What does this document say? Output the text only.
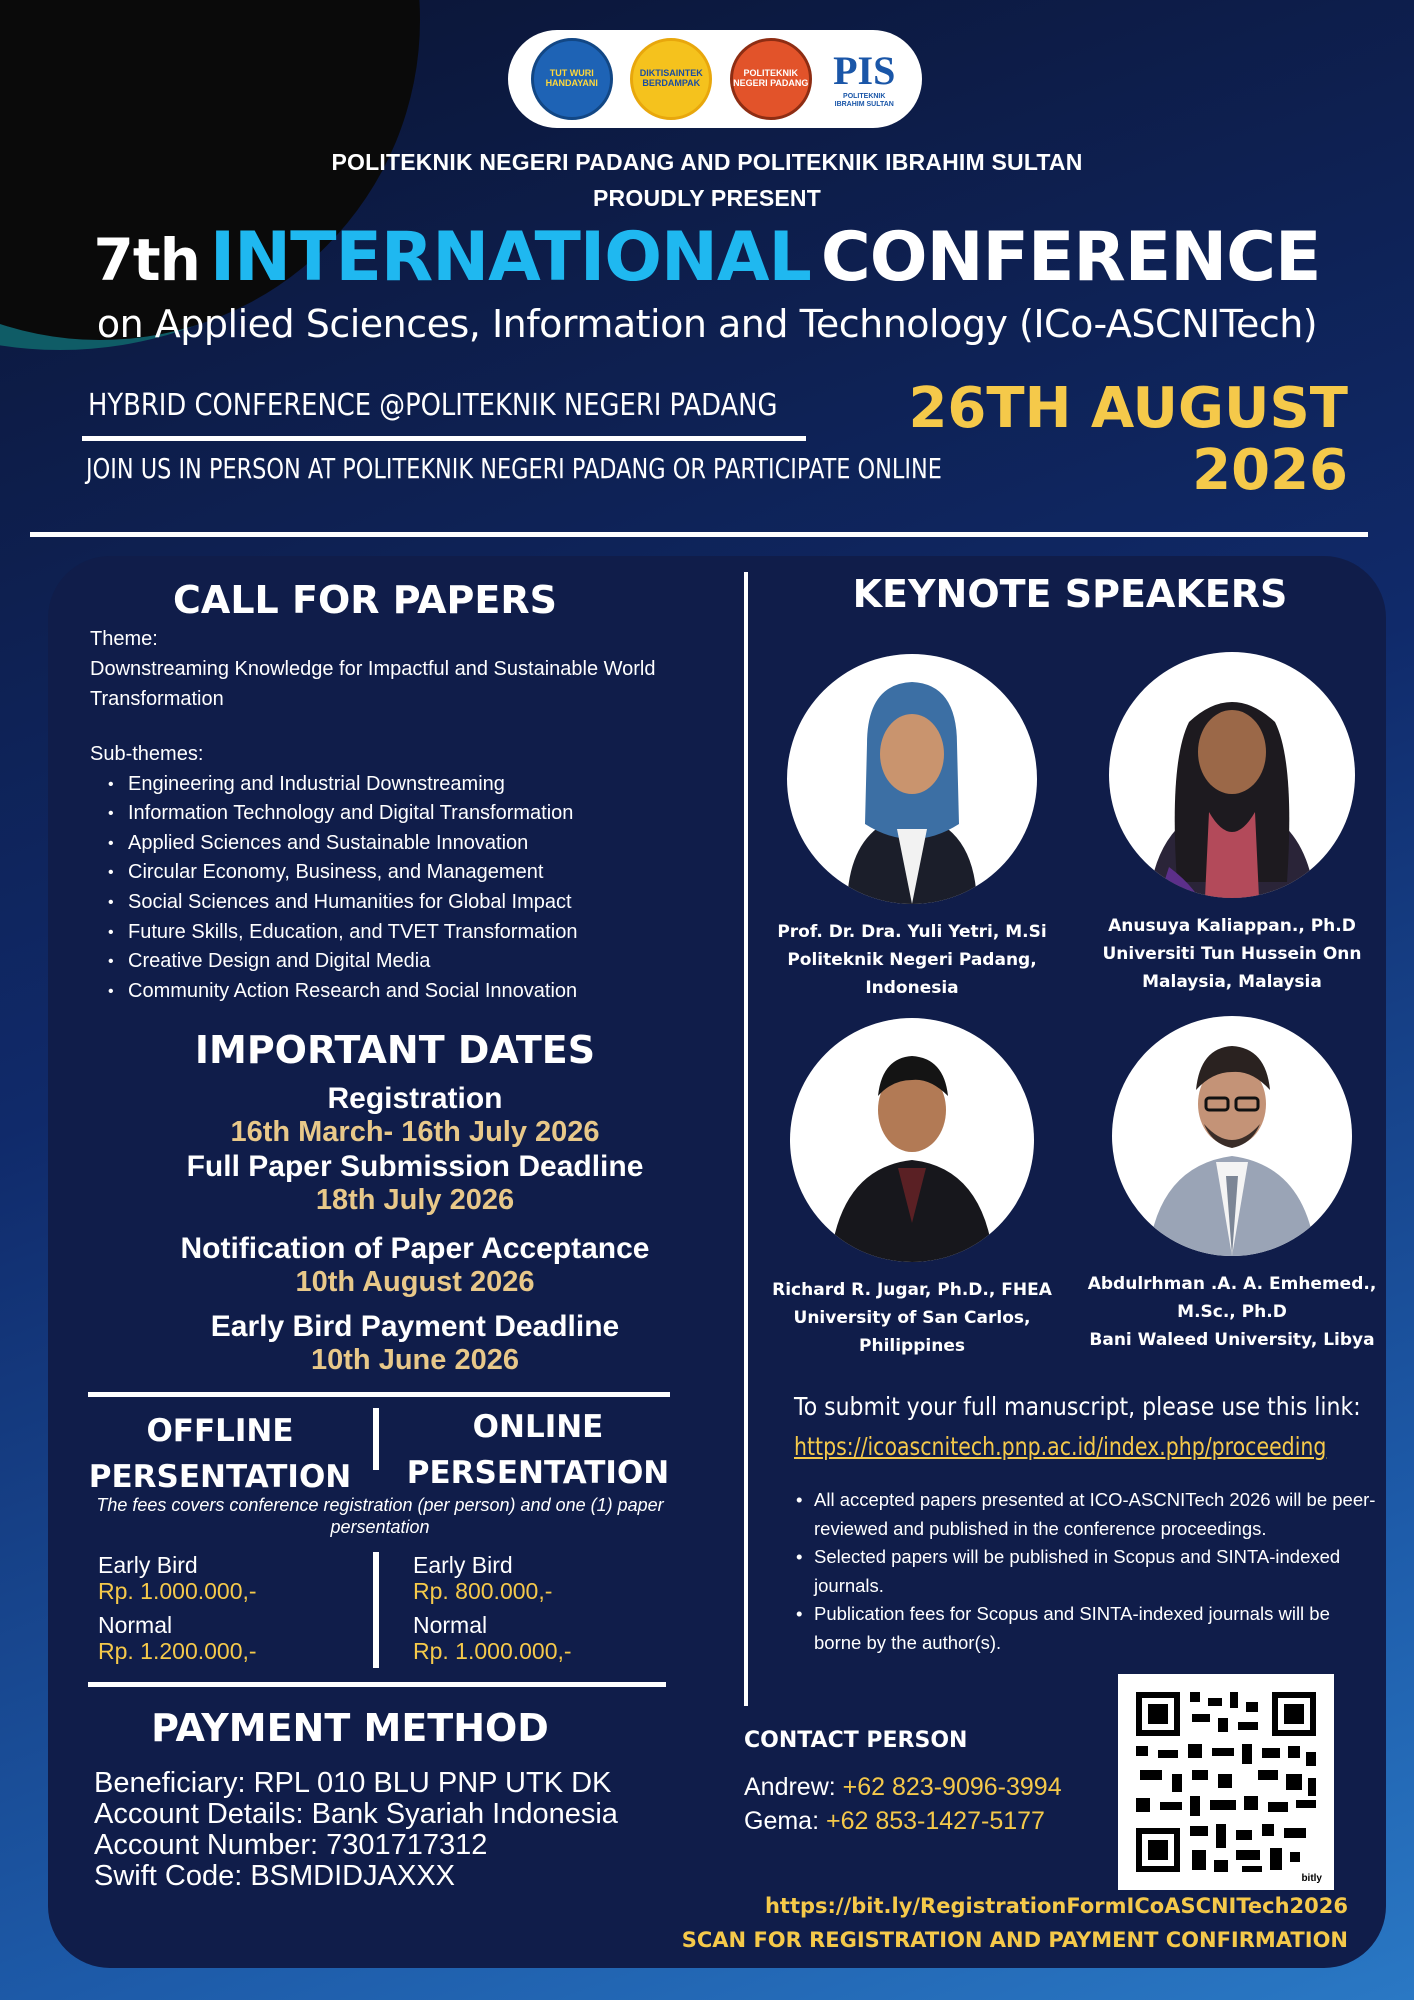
TUT WURI HANDAYANI
DIKTISAINTEK BERDAMPAK
POLITEKNIK NEGERI PADANG PIS
POLITEKNIK IBRAHIM SULTAN
POLITEKNIK NEGERI PADANG AND POLITEKNIK IBRAHIM SULTAN
PROUDLY PRESENT
7th INTERNATIONAL CONFERENCE
on Applied Sciences, Information and Technology (ICo-ASCNITech)
HYBRID CONFERENCE @POLITEKNIK NEGERI PADANG
JOIN US IN PERSON AT POLITEKNIK NEGERI PADANG OR PARTICIPATE ONLINE
26TH AUGUST
2026
CALL FOR PAPERS
Theme:
Downstreaming Knowledge for Impactful and Sustainable World Transformation
Sub-themes:
• Engineering and Industrial Downstreaming
• Information Technology and Digital Transformation
• Applied Sciences and Sustainable Innovation
• Circular Economy, Business, and Management
• Social Sciences and Humanities for Global Impact
• Future Skills, Education, and TVET Transformation
• Creative Design and Digital Media
• Community Action Research and Social Innovation
IMPORTANT DATES
Registration
16th March- 16th July 2026
Full Paper Submission Deadline
18th July 2026
Notification of Paper Acceptance
10th August 2026
Early Bird Payment Deadline
10th June 2026
OFFLINE
PERSENTATION
ONLINE
PERSENTATION
The fees covers conference registration (per person) and one (1) paper persentation
Early Bird
Rp. 1.000.000,-
Normal
Rp. 1.200.000,-
Early Bird
Rp. 800.000,-
Normal
Rp. 1.000.000,-
PAYMENT METHOD
Beneficiary: RPL 010 BLU PNP UTK DK
Account Details: Bank Syariah Indonesia
Account Number: 7301717312
Swift Code: BSMDIDJAXXX
KEYNOTE SPEAKERS
Prof. Dr. Dra. Yuli Yetri, M.Si
Politeknik Negeri Padang,
Indonesia
Anusuya Kaliappan., Ph.D
Universiti Tun Hussein Onn
Malaysia, Malaysia
Richard R. Jugar, Ph.D., FHEA
University of San Carlos,
Philippines
Abdulrhman .A. A. Emhemed.,
M.Sc., Ph.D
Bani Waleed University, Libya
To submit your full manuscript, please use this link:
https://icoascnitech.pnp.ac.id/index.php/proceeding
• All accepted papers presented at ICO-ASCNITech 2026 will be peer-reviewed and published in the conference proceedings.
• Selected papers will be published in Scopus and SINTA-indexed journals.
• Publication fees for Scopus and SINTA-indexed journals will be borne by the author(s).
CONTACT PERSON
Andrew: +62 823-9096-3994
Gema: +62 853-1427-5177
bitly
https://bit.ly/RegistrationFormICoASCNITech2026
SCAN FOR REGISTRATION AND PAYMENT CONFIRMATION
